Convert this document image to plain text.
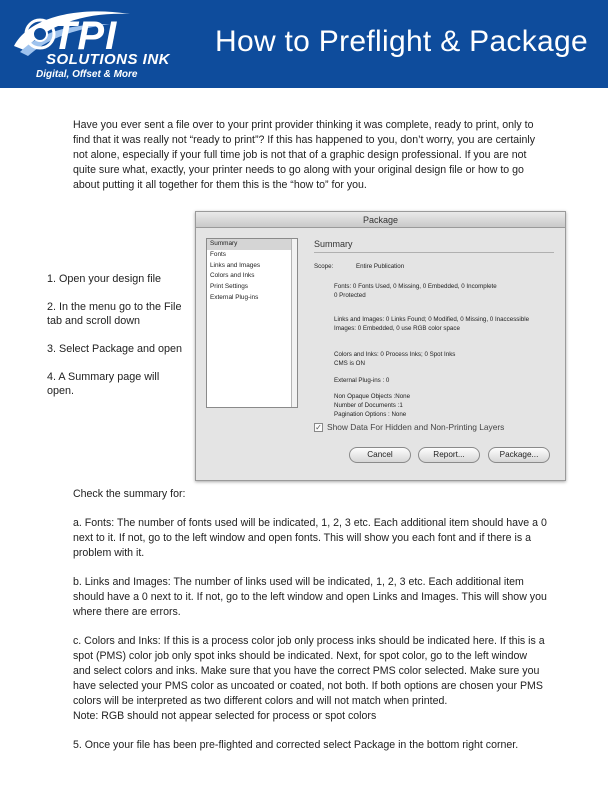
TPI
SOLUTIONS INK
Digital, Offset & More
How to Preflight & Package

Have you ever sent a file over to your print provider thinking it was complete, ready to print, only to find that it was really not “ready to print”? If this has happened to you, don’t worry, you are certainly not alone, especially if your full time job is not that of a graphic design professional. If you are not quite sure what, exactly, your printer needs to go along with your original design file or how to go about putting it all together for them this is the “how to” for you.

1. Open your design file

2. In the menu go to the File tab and scroll down

3. Select Package and open

4. A Summary page will open.

Package
Summary
Fonts
Links and Images
Colors and Inks
Print Settings
External Plug-ins
Summary
Scope:	Entire Publication
Fonts: 0 Fonts Used, 0 Missing, 0 Embedded, 0 Incomplete
0 Protected
Links and Images: 0 Links Found; 0 Modified, 0 Missing, 0 Inaccessible
Images: 0 Embedded, 0 use RGB color space
Colors and Inks: 0 Process Inks; 0 Spot Inks
CMS is ON
External Plug-ins : 0
Non Opaque Objects :None
Number of Documents :1
Pagination Options : None
✓ Show Data For Hidden and Non-Printing Layers
Cancel	Report...	Package...

Check the summary for:

a. Fonts: The number of fonts used will be indicated, 1, 2, 3 etc. Each additional item should have a 0 next to it. If not, go to the left window and open fonts. This will show you each font and if there is a problem with it.

b. Links and Images: The number of links used will be indicated, 1, 2, 3 etc. Each additional item should have a 0 next to it. If not, go to the left window and open Links and Images. This will show you where there are errors.

c. Colors and Inks: If this is a process color job only process inks should be indicated here. If this is a spot (PMS) color job only spot inks should be indicated. Next, for spot color, go to the left window and select colors and inks. Make sure that you have the correct PMS color selected. Make sure you have selected your PMS color as uncoated or coated, not both. If both options are chosen your PMS colors will be interpreted as two different colors and will not match when printed.

Note: RGB should not appear selected for process or spot colors

5. Once your file has been pre-flighted and corrected select Package in the bottom right corner.
